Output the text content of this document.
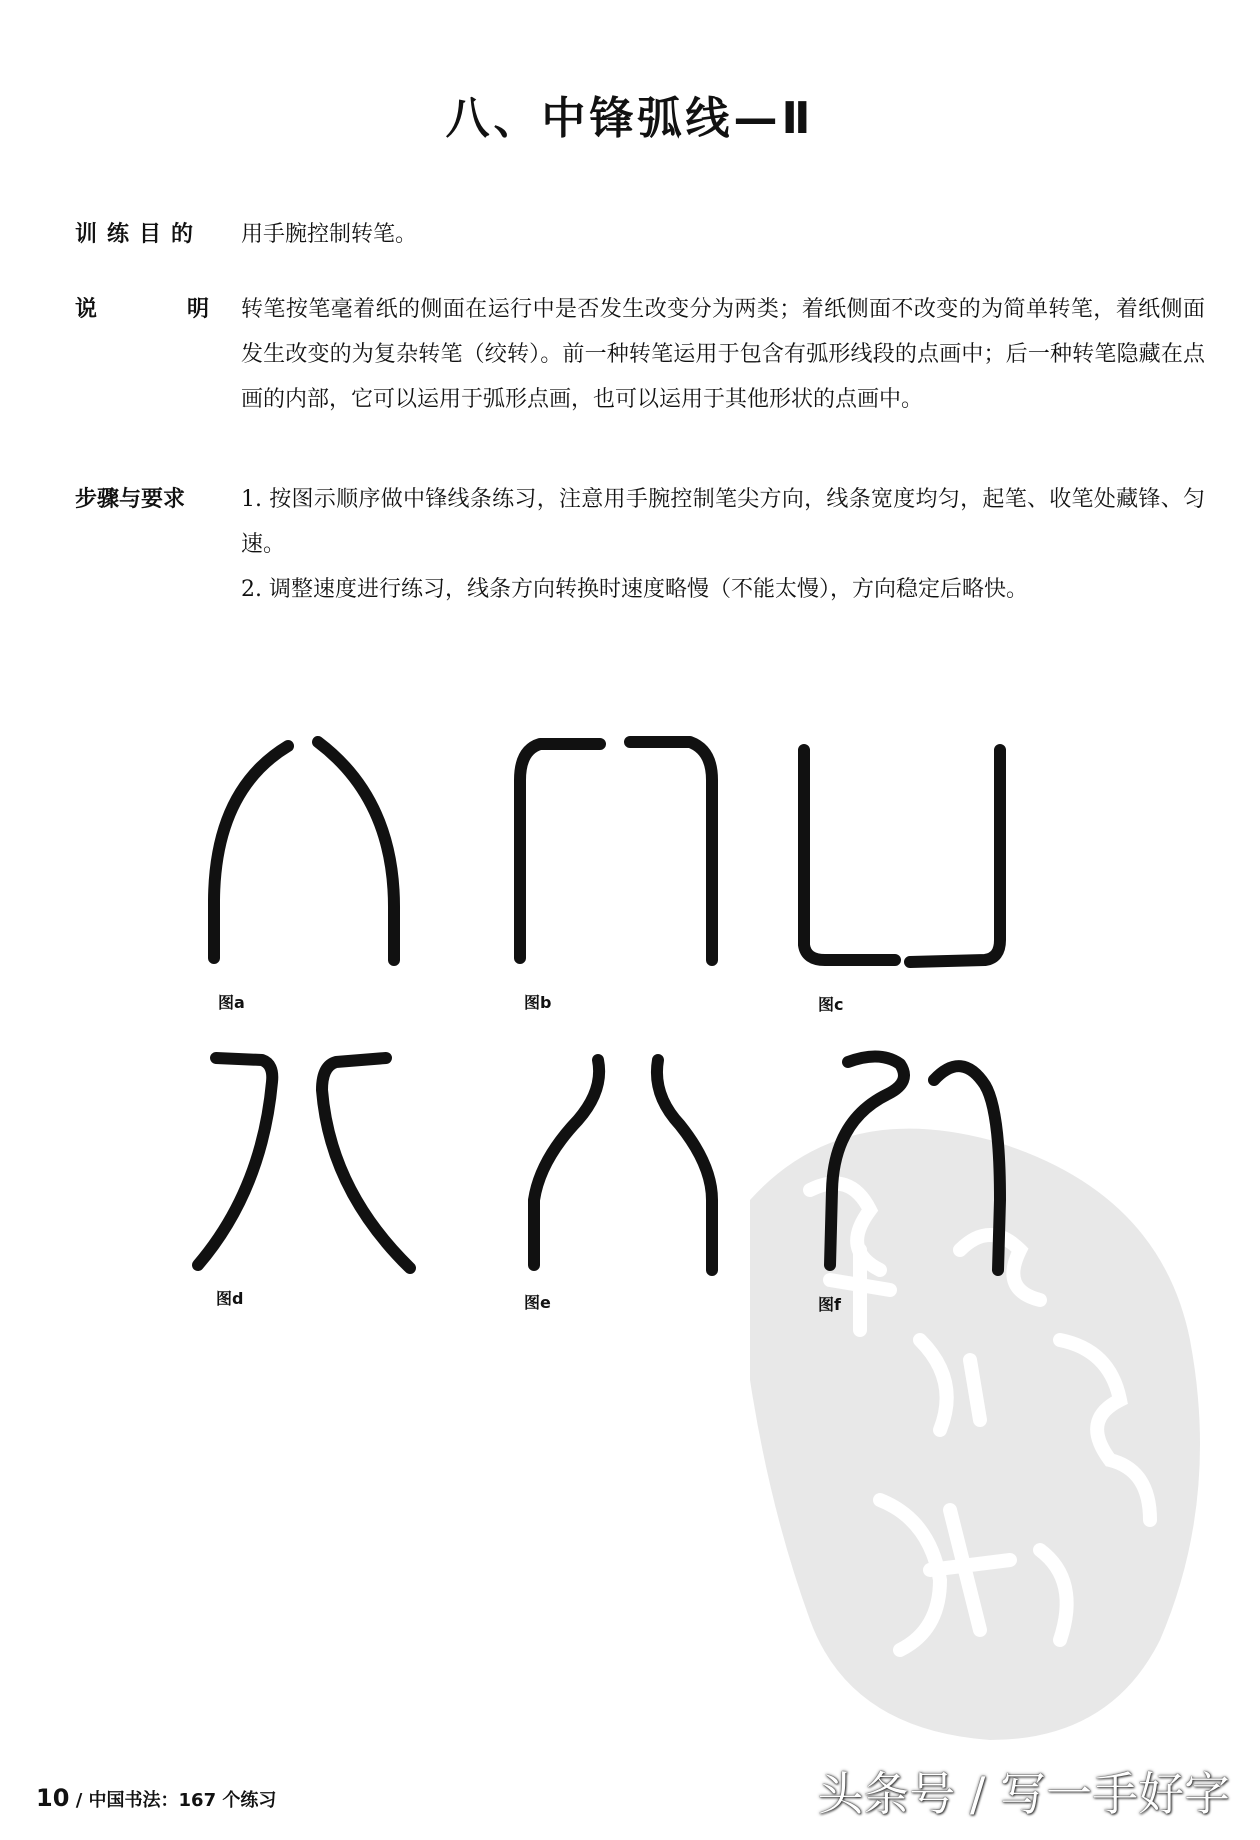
八、中锋弧线—Ⅱ
训练目的	用手腕控制转笔。

说	明 转笔按笔毫着纸的侧面在运行中是否发生改变分为两类；着纸侧面不改变的为简单转笔，着纸侧面发生改变的为复杂转笔（绞转）。前一种转笔运用于包含有弧形线段的点画中；后一种转笔隐藏在点画的内部，它可以运用于弧形点画，也可以运用于其他形状的点画中。

步骤与要求	1. 按图示顺序做中锋线条练习，注意用手腕控制笔尖方向，线条宽度均匀，起笔、收笔处藏锋、匀速。

2. 调整速度进行练习，线条方向转换时速度略慢（不能太慢），方向稳定后略快。

图a	图b	图c
图d	图e	图f
10 / 中国书法：167 个练习	头条号 / 写一手好字
